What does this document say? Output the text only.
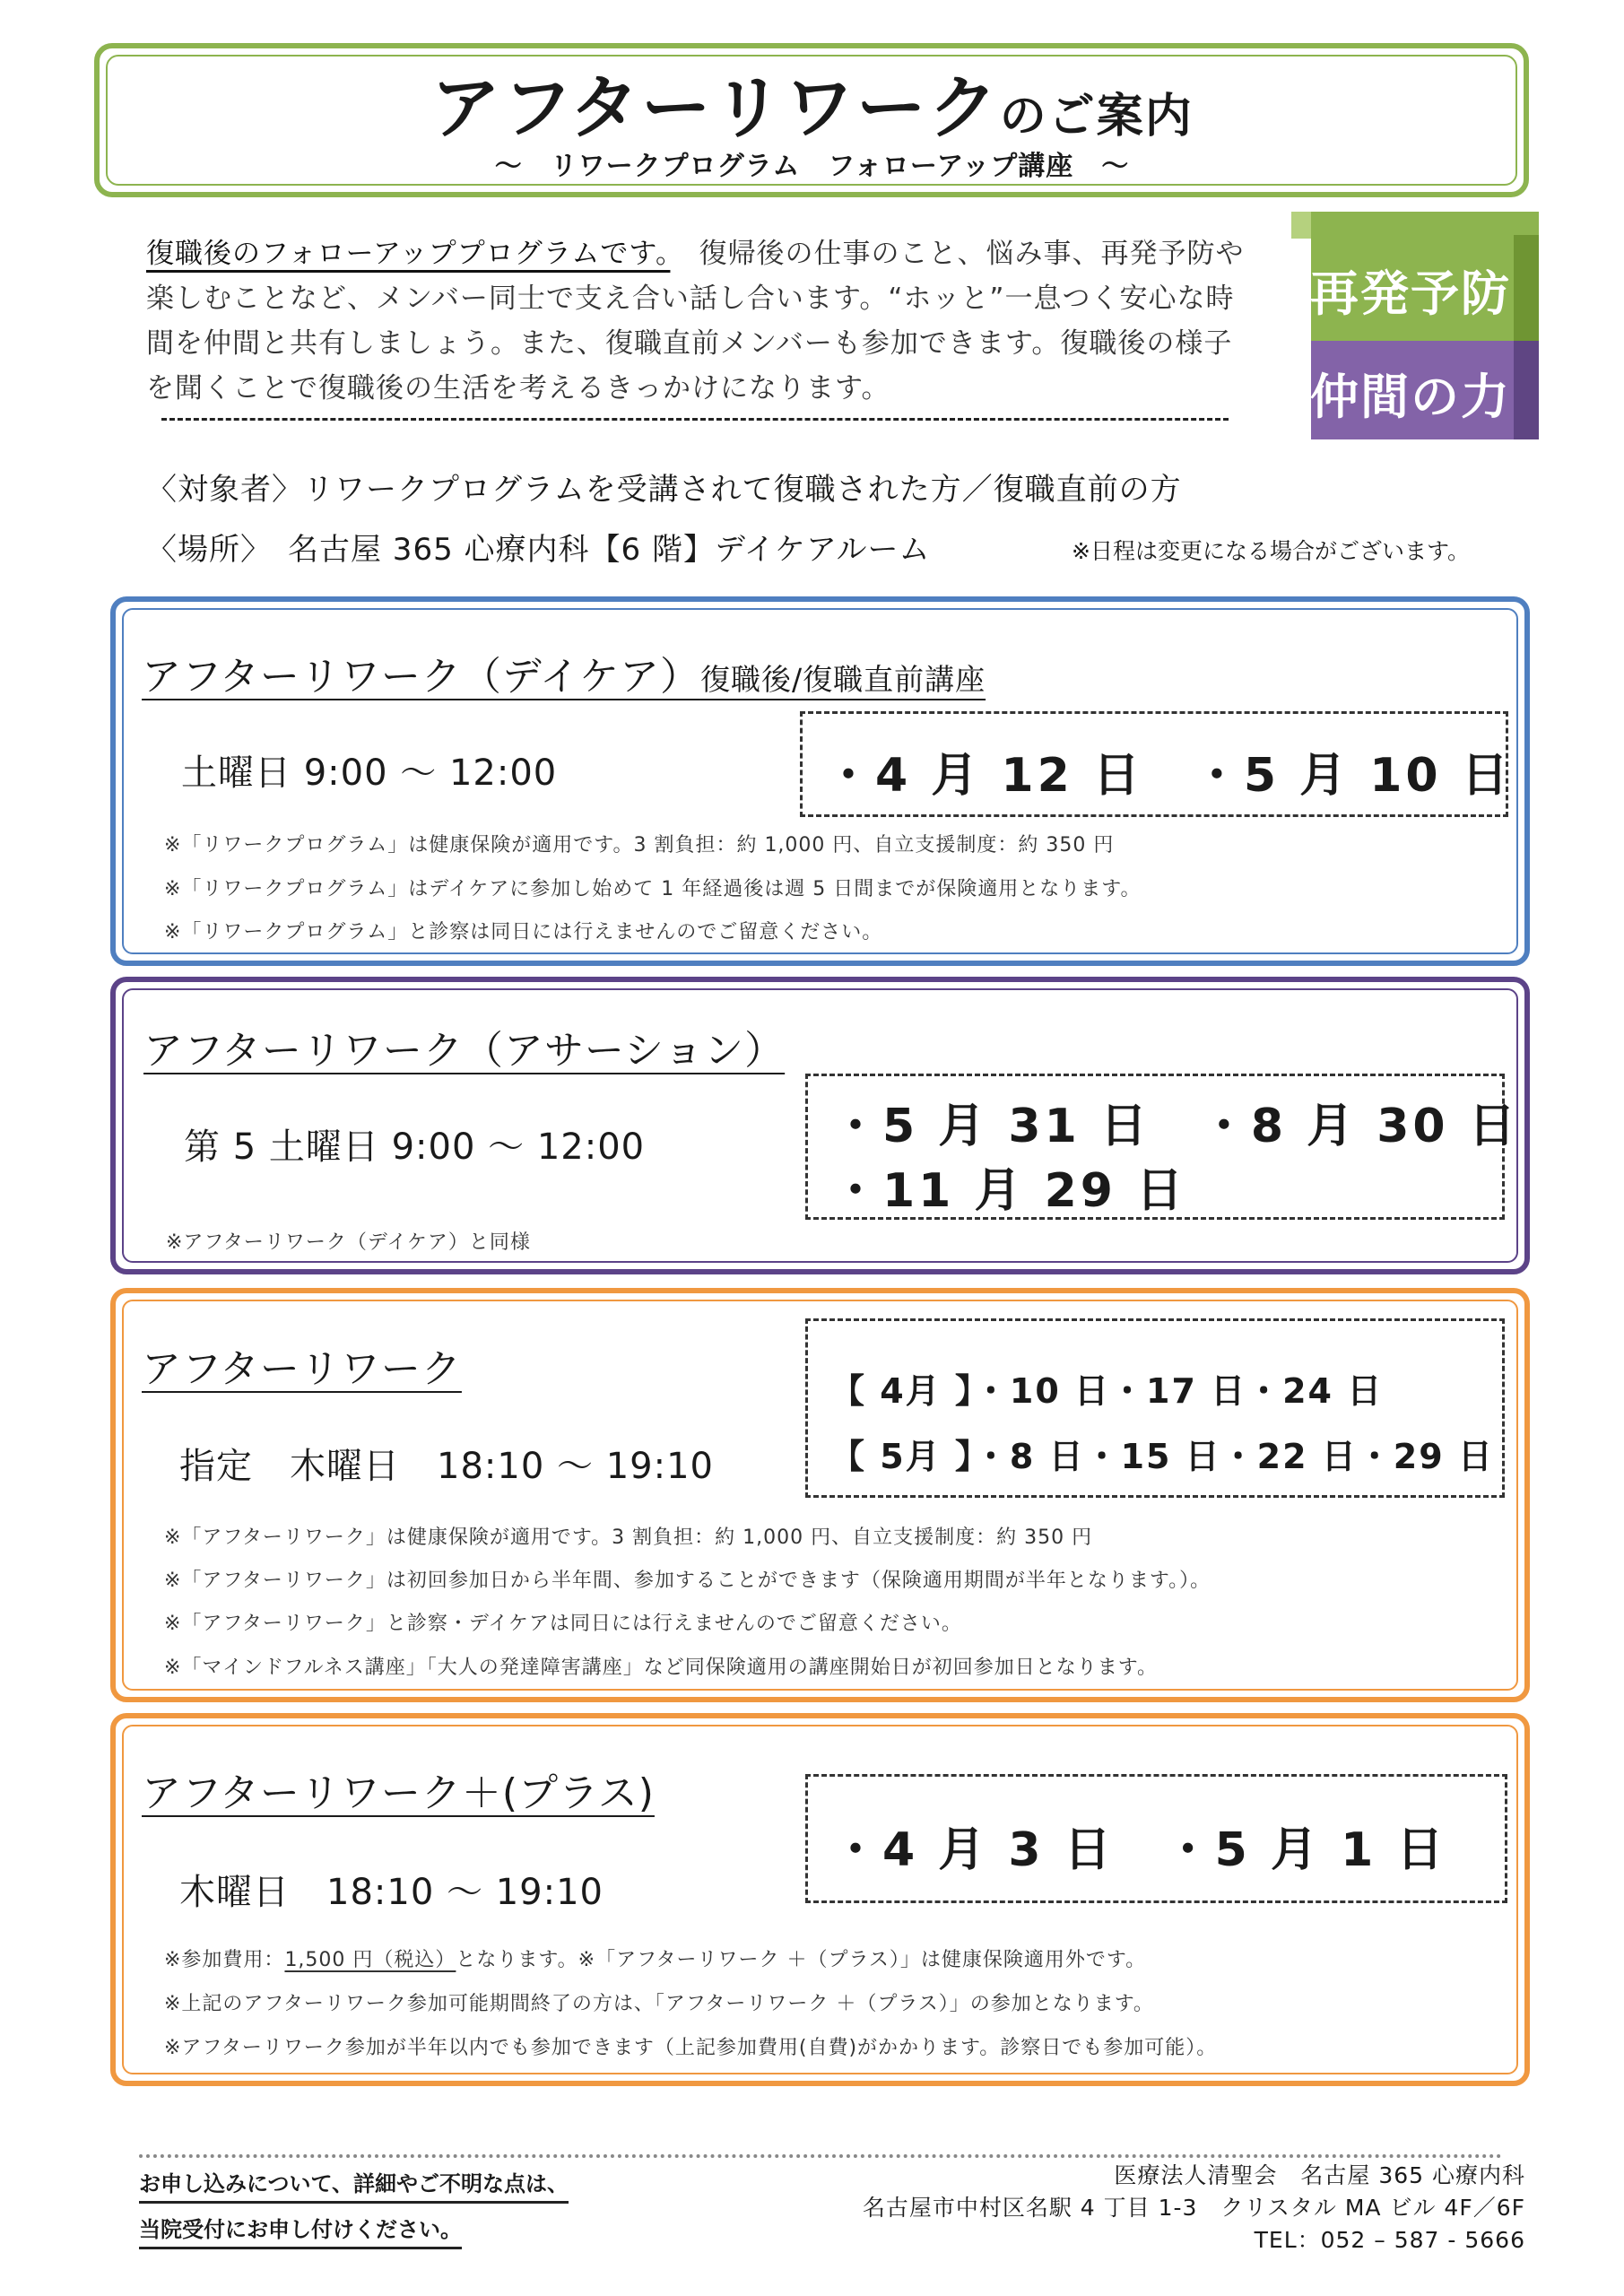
アフターリワークのご案内
～　リワークプログラム　フォローアップ講座　～
復職後のフォローアッププログラムです。　復帰後の仕事のこと、悩み事、再発予防や楽しむことなど、メンバー同士で支え合い話し合います。“ホッと”一息つく安心な時間を仲間と共有しましょう。また、復職直前メンバーも参加できます。復職後の様子を聞くことで復職後の生活を考えるきっかけになります。
再発予防
仲間の力
〈対象者〉リワークプログラムを受講されて復職された方／復職直前の方
〈場所〉　名古屋 365 心療内科【6 階】デイケアルーム	※日程は変更になる場合がございます。
アフターリワーク（デイケア）復職後/復職直前講座
土曜日 9:00 ～ 12:00	・4 月 12 日　・5 月 10 日
※「リワークプログラム」は健康保険が適用です。3 割負担：約 1,000 円、自立支援制度：約 350 円
※「リワークプログラム」はデイケアに参加し始めて 1 年経過後は週 5 日間までが保険適用となります。
※「リワークプログラム」と診察は同日には行えませんのでご留意ください。
アフターリワーク（アサーション）
第 5 土曜日 9:00 ～ 12:00	・5 月 31 日　・8 月 30 日
・11 月 29 日
※アフターリワーク（デイケア）と同様
アフターリワーク
指定　木曜日　18:10 ～ 19:10
【 4月 】・10 日・17 日・24 日
【 5月 】・8 日・15 日・22 日・29 日
※「アフターリワーク」は健康保険が適用です。3 割負担：約 1,000 円、自立支援制度：約 350 円
※「アフターリワーク」は初回参加日から半年間、参加することができます（保険適用期間が半年となります。）。
※「アフターリワーク」と診察・デイケアは同日には行えませんのでご留意ください。
※「マインドフルネス講座」「大人の発達障害講座」など同保険適用の講座開始日が初回参加日となります。
アフターリワーク＋(プラス)
木曜日　18:10 ～ 19:10
・4 月 3 日　・5 月 1 日
※参加費用：1,500 円（税込）となります。※「アフターリワーク ＋（プラス）」は健康保険適用外です。
※上記のアフターリワーク参加可能期間終了の方は、「アフターリワーク ＋（プラス）」の参加となります。
※アフターリワーク参加が半年以内でも参加できます（上記参加費用(自費)がかかります。診察日でも参加可能）。
お申し込みについて、詳細やご不明な点は、
当院受付にお申し付けください。
医療法人清聖会　名古屋 365 心療内科
名古屋市中村区名駅 4 丁目 1-3　クリスタル MA ビル 4F／6F
TEL：052 – 587 - 5666
